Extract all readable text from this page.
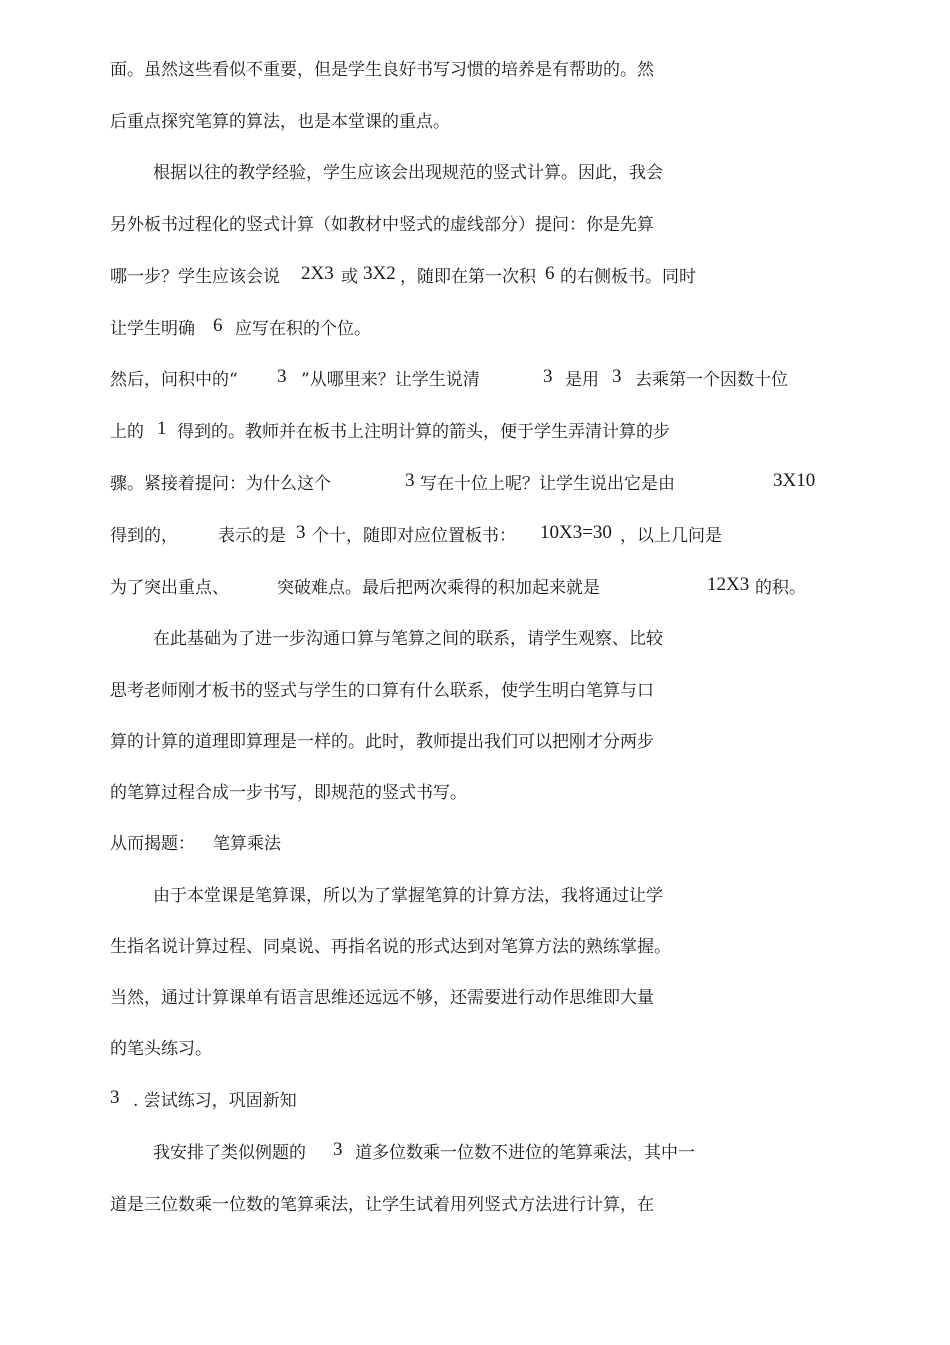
面。虽然这些看似不重要，但是学生良好书写习惯的培养是有帮助的。然
后重点探究笔算的算法，也是本堂课的重点。
根据以往的教学经验，学生应该会出现规范的竖式计算。因此，我会
另外板书过程化的竖式计算（如教材中竖式的虚线部分）提问：你是先算
哪一步？学生应该会说 2X3 或 3X2 ，随即在第一次积 6 的右侧板书。同时
让学生明确 6 应写在积的个位。
然后，问积中的“ 3 ”从哪里来？让学生说清	3 是用 3 去乘第一个因数十位
上的 1 得到的。教师并在板书上注明计算的箭头，便于学生弄清计算的步
骤。紧接着提问：为什么这个	3 写在十位上呢？让学生说出它是由	3X10
得到的， 表示的是 3 个十，随即对应位置板书： 10X3=30 ，以上几问是
为了突出重点、	突破难点。最后把两次乘得的积加起来就是	12X3 的积。
在此基础为了进一步沟通口算与笔算之间的联系，请学生观察、比较
思考老师刚才板书的竖式与学生的口算有什么联系，使学生明白笔算与口
算的计算的道理即算理是一样的。此时，教师提出我们可以把刚才分两步
的笔算过程合成一步书写，即规范的竖式书写。
从而揭题： 笔算乘法
由于本堂课是笔算课，所以为了掌握笔算的计算方法，我将通过让学
生指名说计算过程、同桌说、再指名说的形式达到对笔算方法的熟练掌握。
当然，通过计算课单有语言思维还远远不够，还需要进行动作思维即大量
的笔头练习。
3 . 尝试练习，巩固新知
我安排了类似例题的 3 道多位数乘一位数不进位的笔算乘法，其中一
道是三位数乘一位数的笔算乘法，让学生试着用列竖式方法进行计算，在
